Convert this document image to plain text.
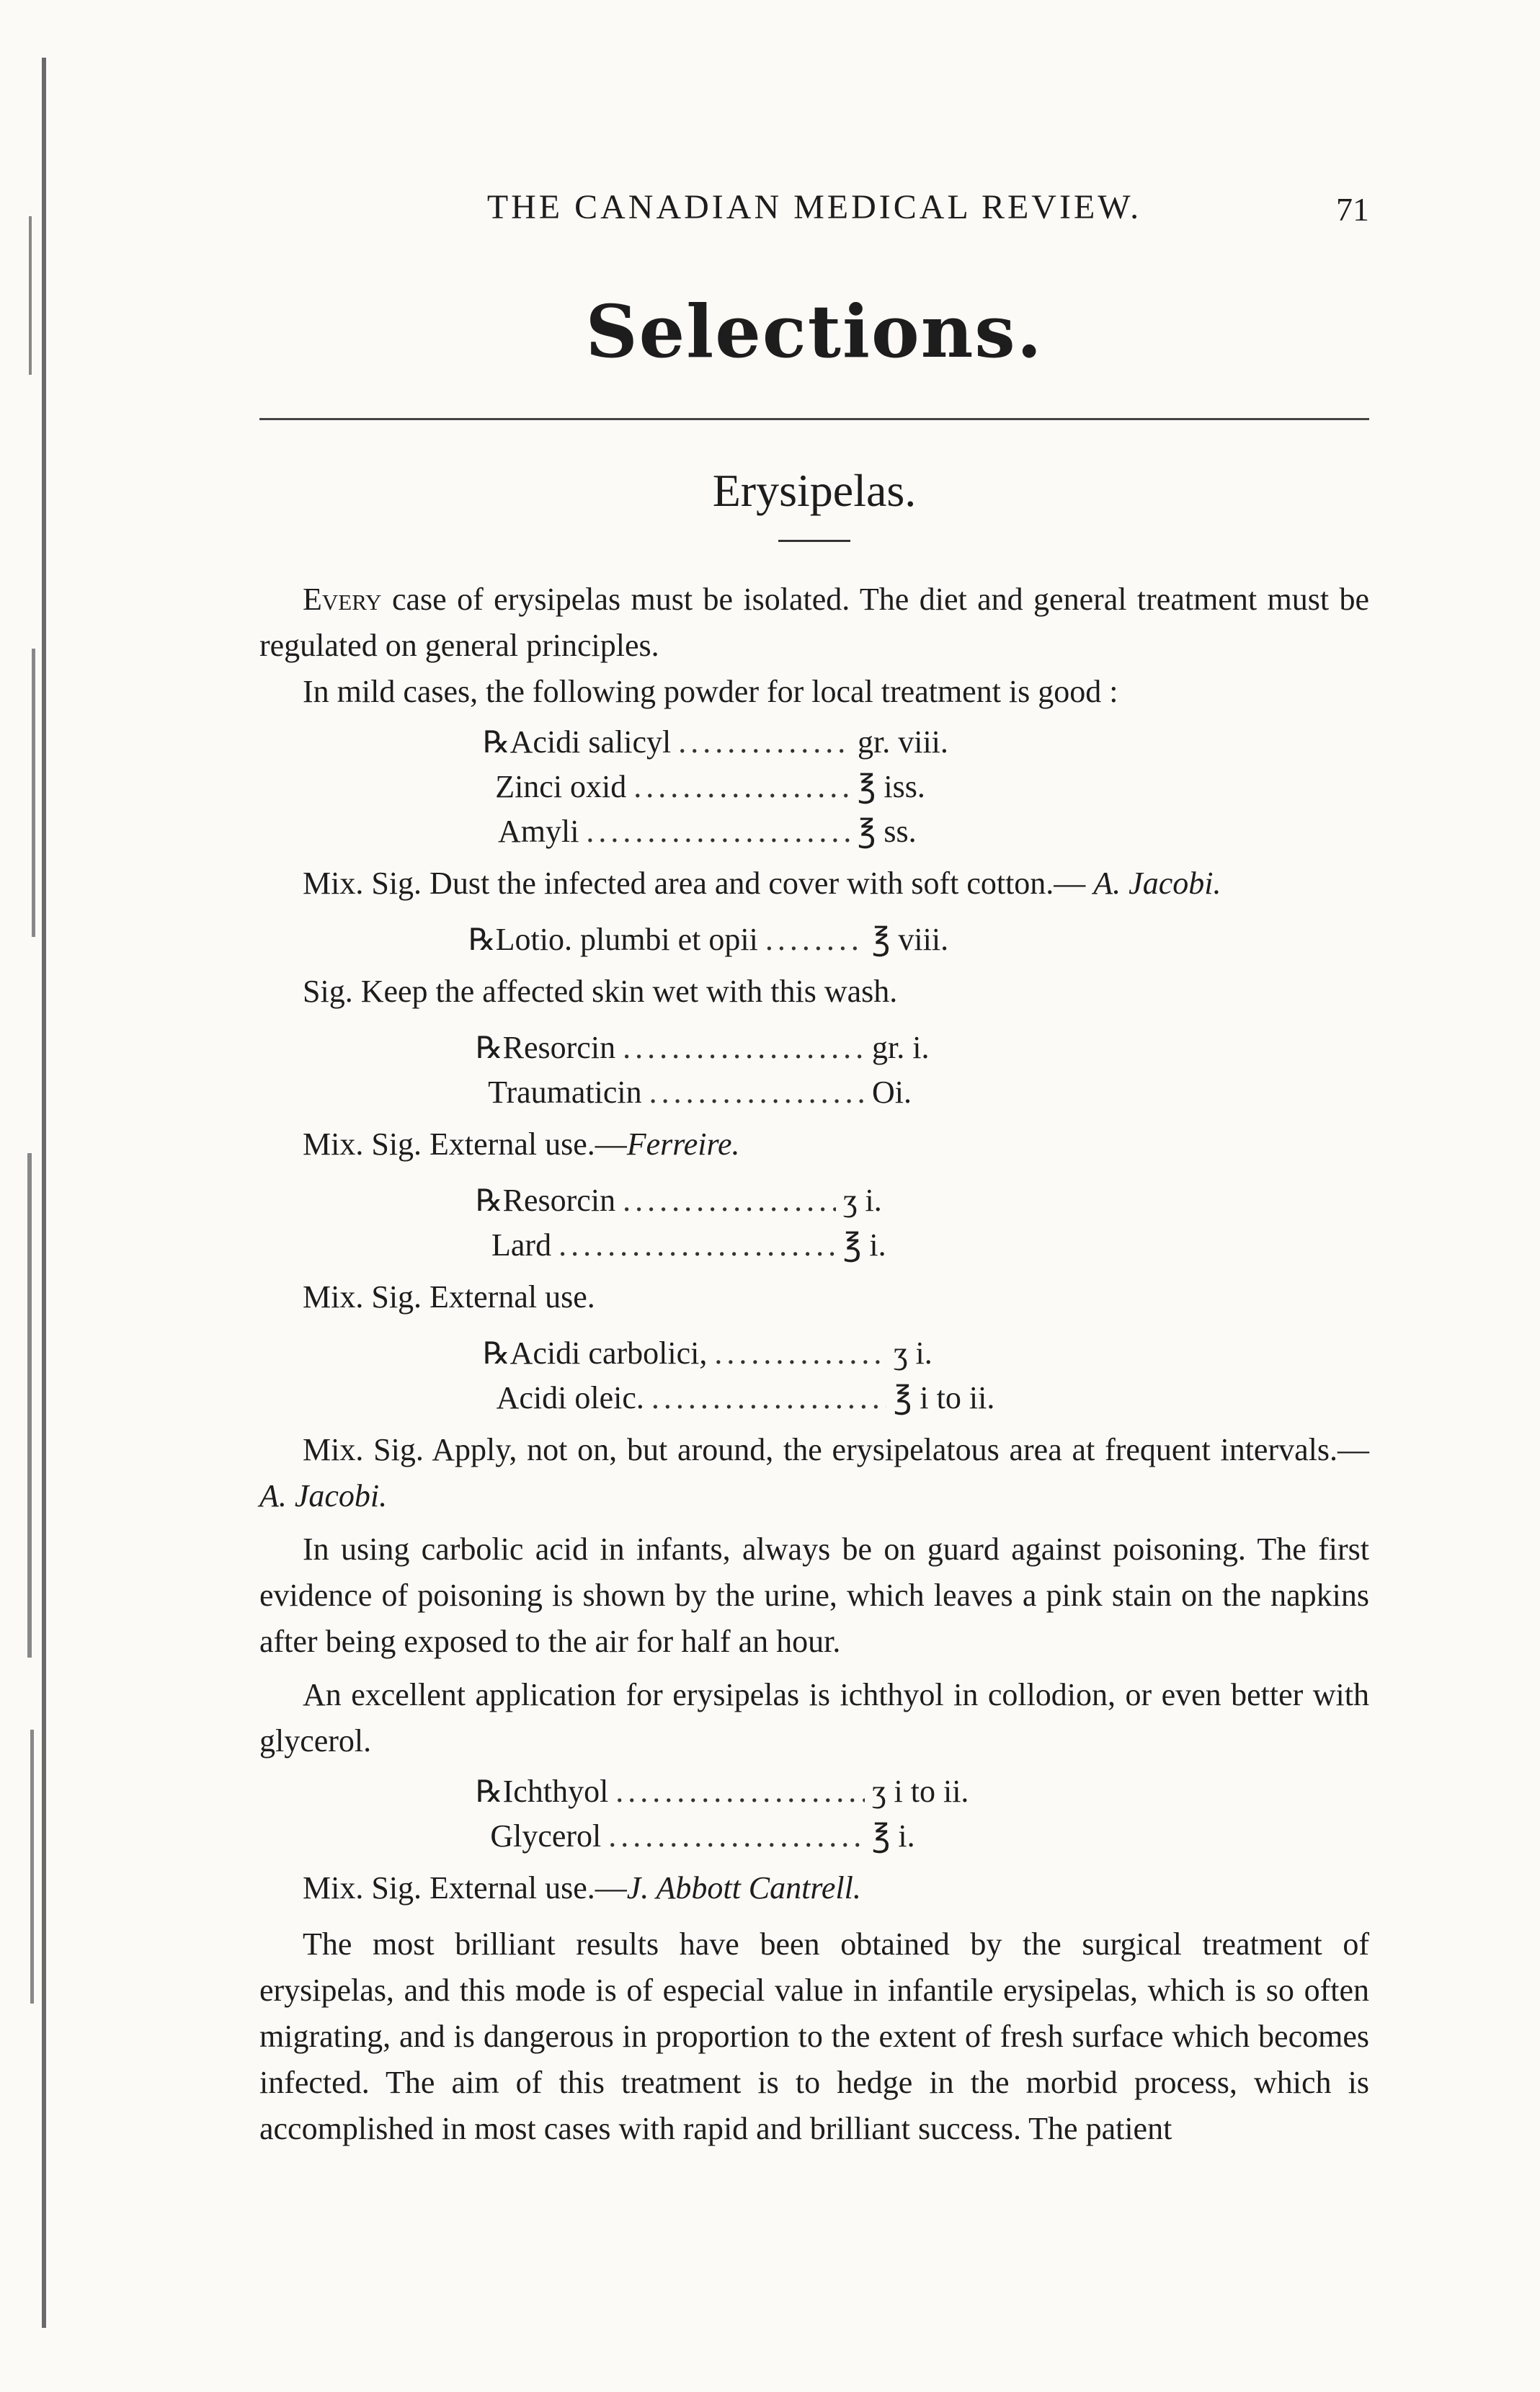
THE CANADIAN MEDICAL REVIEW.	71
Selections.
Erysipelas.

Every case of erysipelas must be isolated. The diet and general treatment must be regulated on general principles.

In mild cases, the following powder for local treatment is good :

℞ Acidi salicyl .....	gr. viii.
Zinci oxid .....	℥ iss.
Amyli .....	℥ ss.

Mix. Sig. Dust the infected area and cover with soft cotton.— A. Jacobi.

℞ Lotio. plumbi et opii .....	℥ viii.

Sig. Keep the affected skin wet with this wash.

℞ Resorcin .....	gr. i.
Traumaticin .....	Oi.

Mix. Sig. External use.—Ferreire.

℞ Resorcin .....	ʒ i.
Lard .....	℥ i.

Mix. Sig. External use.

℞ Acidi carbolici, .....	ʒ i.
Acidi oleic. .....	℥ i to ii.

Mix. Sig. Apply, not on, but around, the erysipelatous area at frequent intervals.—A. Jacobi.

In using carbolic acid in infants, always be on guard against poisoning. The first evidence of poisoning is shown by the urine, which leaves a pink stain on the napkins after being exposed to the air for half an hour.

An excellent application for erysipelas is ichthyol in collodion, or even better with glycerol.

℞ Ichthyol .....	ʒ i to ii.
Glycerol .....	℥ i.

Mix. Sig. External use.—J. Abbott Cantrell.

The most brilliant results have been obtained by the surgical treatment of erysipelas, and this mode is of especial value in infantile erysipelas, which is so often migrating, and is dangerous in proportion to the extent of fresh surface which becomes infected. The aim of this treatment is to hedge in the morbid process, which is accomplished in most cases with rapid and brilliant success. The patient
